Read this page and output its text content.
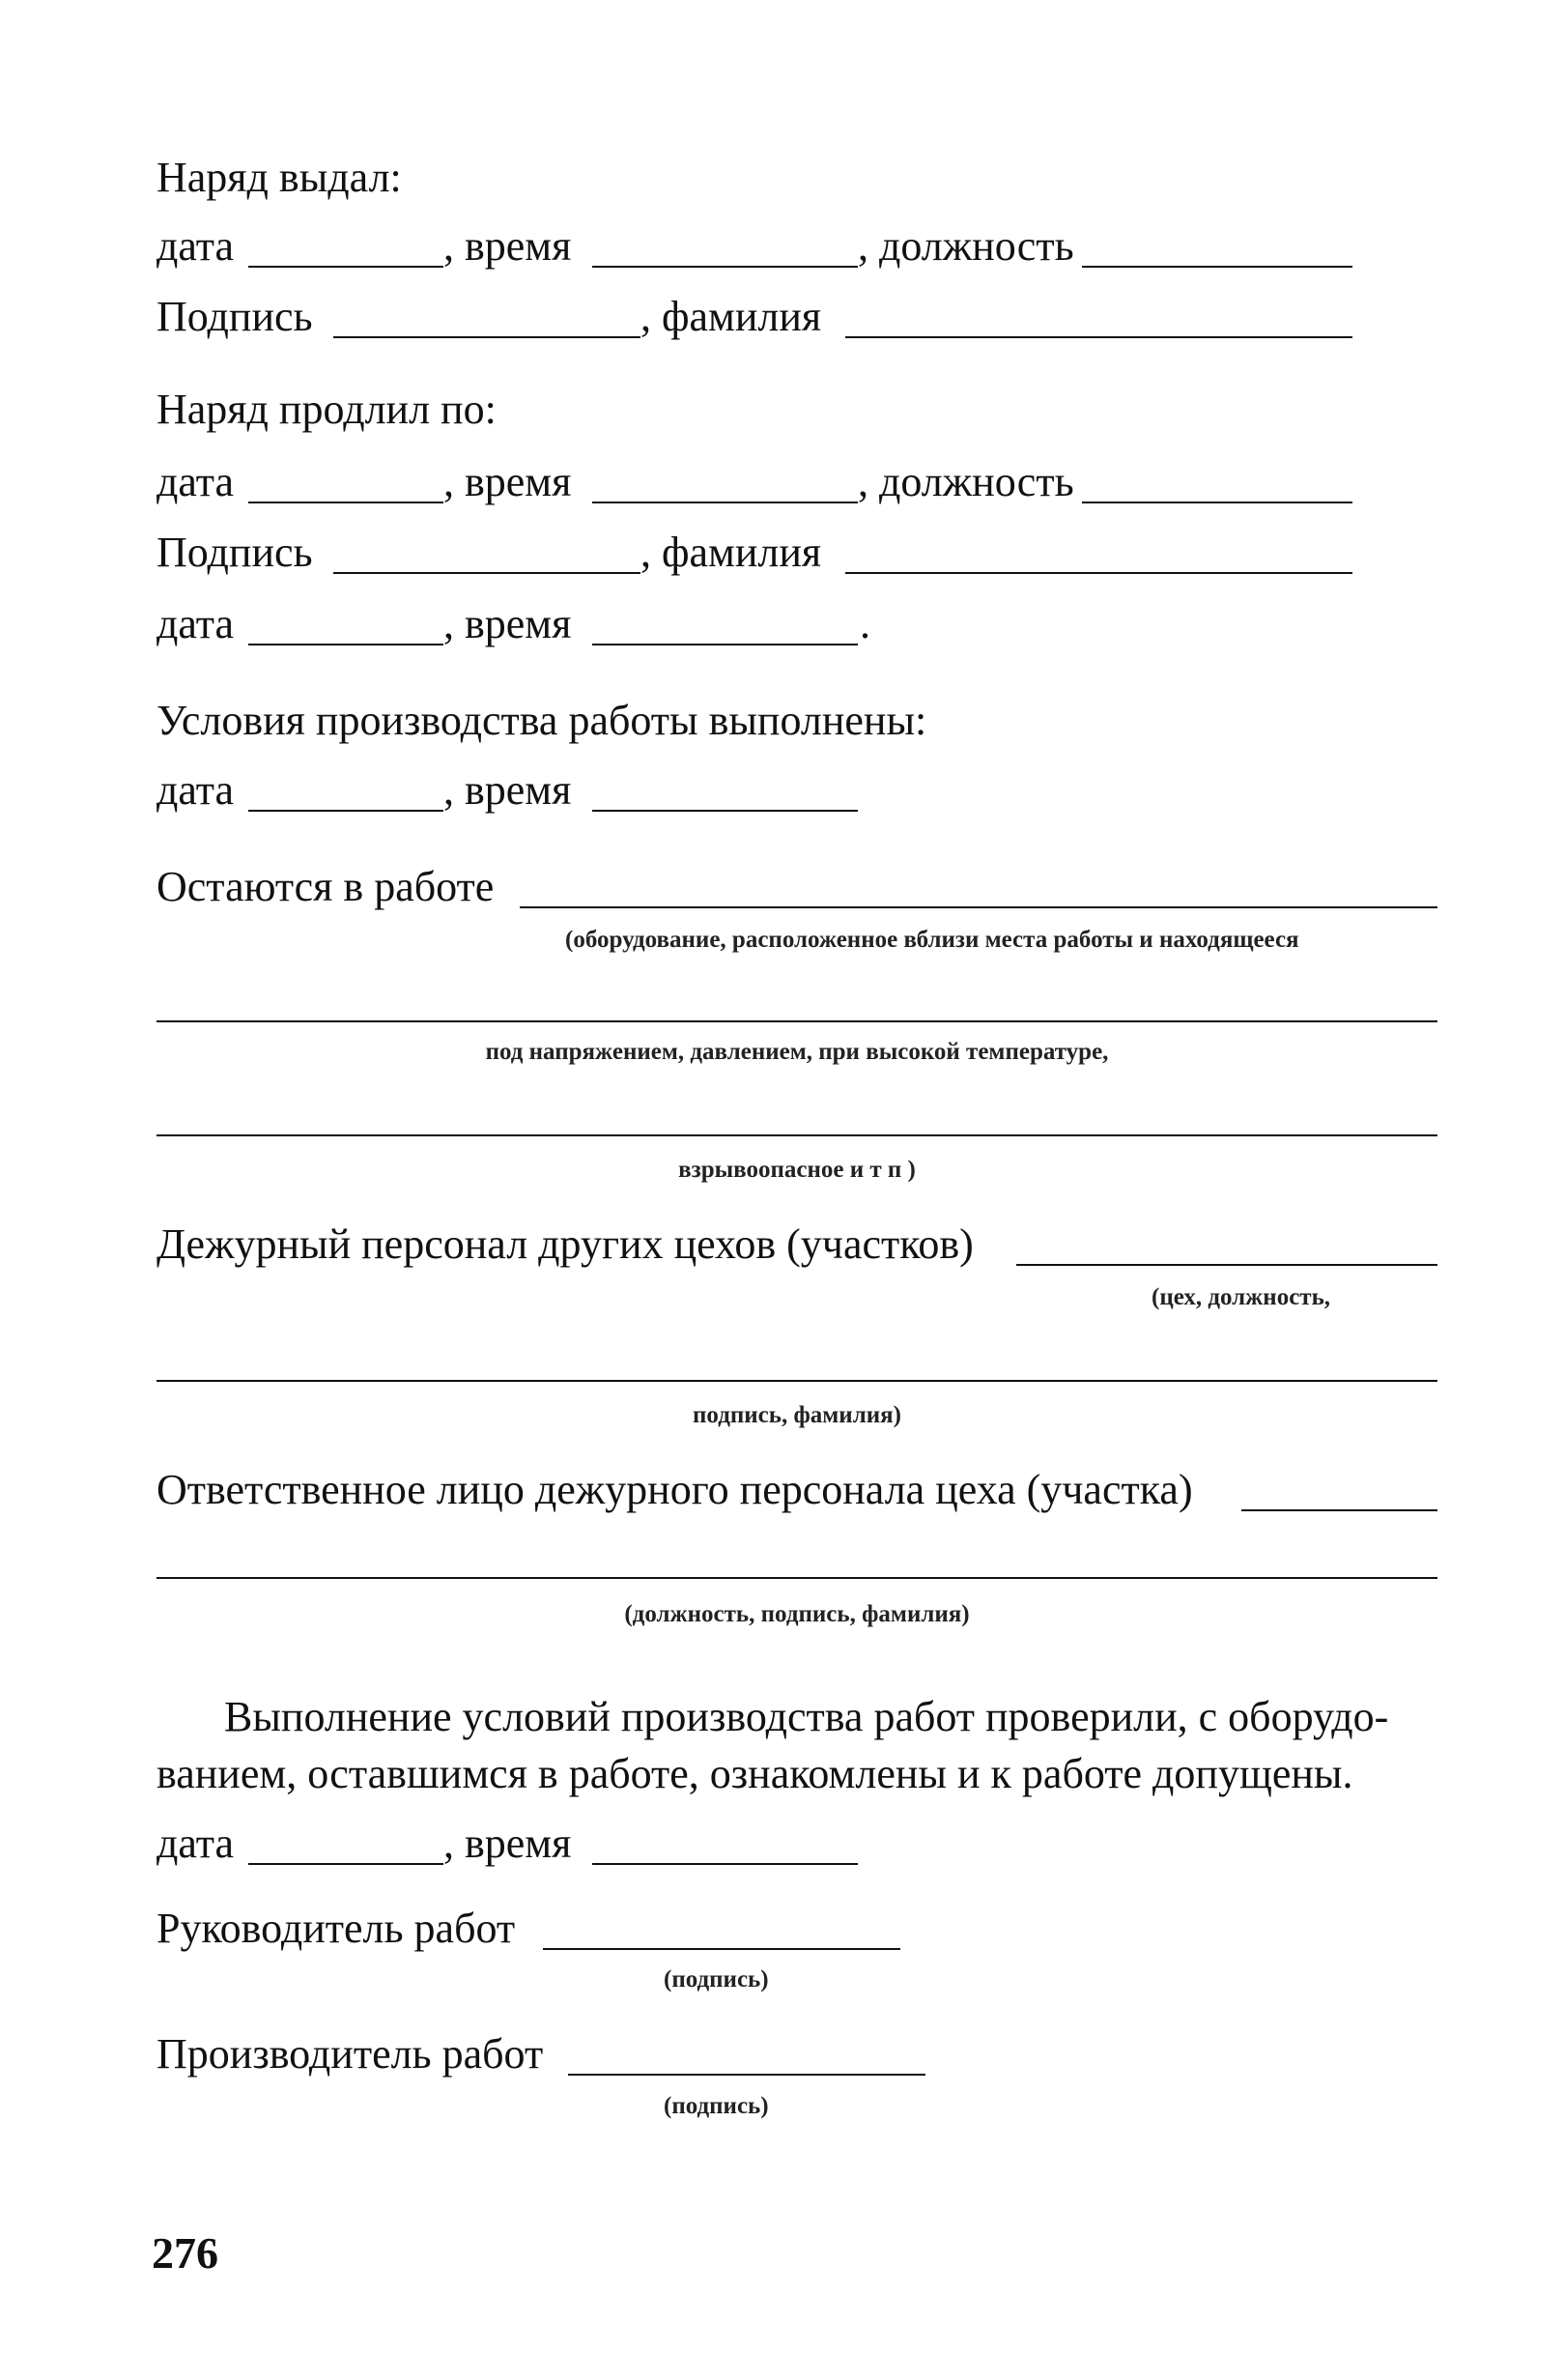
Наряд выдал:
дата	, время	, должность
Подпись	, фамилия
Наряд продлил по:
дата	, время	, должность
Подпись	, фамилия
дата	, время	.
Условия производства работы выполнены:
дата	, время
Остаются в работе
(оборудование, расположенное вблизи места работы и находящееся
под напряжением, давлением, при высокой температуре,
взрывоопасное и т п )
Дежурный персонал других цехов (участков)
(цех, должность,
подпись, фамилия)
Ответственное лицо дежурного персонала цеха (участка)
(должность, подпись, фамилия)
Выполнение условий производства работ проверили, с оборудо-
ванием, оставшимся в работе, ознакомлены и к работе допущены.
дата	, время
Руководитель работ
(подпись)
Производитель работ
(подпись)
276
